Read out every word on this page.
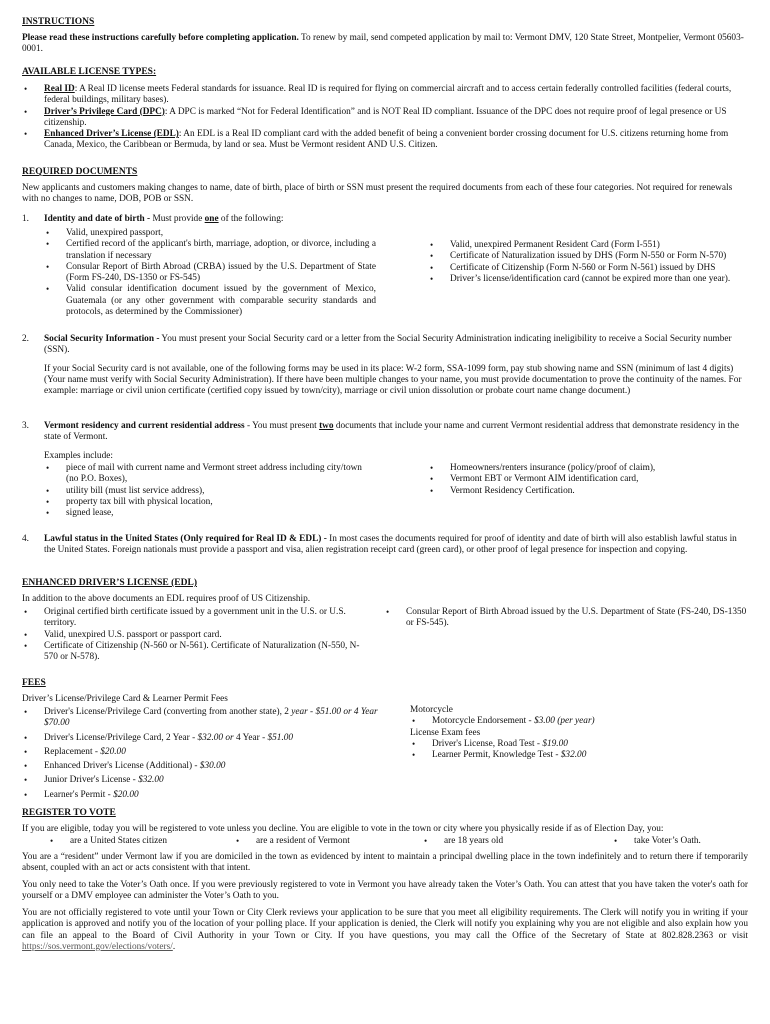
INSTRUCTIONS

Please read these instructions carefully before completing application. To renew by mail, send competed application by mail to: Vermont DMV, 120 State Street, Montpelier, Vermont 05603-0001.

AVAILABLE LICENSE TYPES:
• Real ID: A Real ID license meets Federal standards for issuance. Real ID is required for flying on commercial aircraft and to access certain federally controlled facilities (federal courts, federal buildings, military bases).
• Driver’s Privilege Card (DPC): A DPC is marked “Not for Federal Identification” and is NOT Real ID compliant. Issuance of the DPC does not require proof of legal presence or US citizenship.
• Enhanced Driver’s License (EDL): An EDL is a Real ID compliant card with the added benefit of being a convenient border crossing document for U.S. citizens returning home from Canada, Mexico, the Caribbean or Bermuda, by land or sea. Must be Vermont resident AND U.S. Citizen.
REQUIRED DOCUMENTS

New applicants and customers making changes to name, date of birth, place of birth or SSN must present the required documents from each of these four categories. Not required for renewals with no changes to name, DOB, POB or SSN.

1. Identity and date of birth - Must provide one of the following:

• Valid, unexpired passport,
• Certified record of the applicant's birth, marriage, adoption, or divorce, including a translation if necessary
• Consular Report of Birth Abroad (CRBA) issued by the U.S. Department of State (Form FS-240, DS-1350 or FS-545)
• Valid consular identification document issued by the government of Mexico, Guatemala (or any other government with comparable security standards and protocols, as determined by the Commissioner)
• Valid, unexpired Permanent Resident Card (Form I-551)
• Certificate of Naturalization issued by DHS (Form N-550 or Form N-570)
• Certificate of Citizenship (Form N-560 or Form N-561) issued by DHS
• Driver’s license/identification card (cannot be expired more than one year).
2. Social Security Information - You must present your Social Security card or a letter from the Social Security Administration indicating ineligibility to receive a Social Security number (SSN).

If your Social Security card is not available, one of the following forms may be used in its place: W-2 form, SSA-1099 form, pay stub showing name and SSN (minimum of last 4 digits) (Your name must verify with Social Security Administration). If there have been multiple changes to your name, you must provide documentation to prove the continuity of the names. For example: marriage or civil union certificate (certified copy issued by town/city), marriage or civil union dissolution or probate court name change document.)

3. Vermont residency and current residential address - You must present two documents that include your name and current Vermont residential address that demonstrate residency in the state of Vermont.

Examples include:

• piece of mail with current name and Vermont street address including city/town (no P.O. Boxes),
• utility bill (must list service address),
• property tax bill with physical location,
• signed lease,
• Homeowners/renters insurance (policy/proof of claim),
• Vermont EBT or Vermont AIM identification card,
• Vermont Residency Certification.
4. Lawful status in the United States (Only required for Real ID & EDL) - In most cases the documents required for proof of identity and date of birth will also establish lawful status in the United States. Foreign nationals must provide a passport and visa, alien registration receipt card (green card), or other proof of legal presence for inspection and copying.

ENHANCED DRIVER’S LICENSE (EDL)

In addition to the above documents an EDL requires proof of US Citizenship.

• Original certified birth certificate issued by a government unit in the U.S. or U.S. territory.
• Valid, unexpired U.S. passport or passport card.
• Certificate of Citizenship (N-560 or N-561). Certificate of Naturalization (N-550, N-570 or N-578).
• Consular Report of Birth Abroad issued by the U.S. Department of State (FS-240, DS-1350 or FS-545).
FEES

Driver’s License/Privilege Card & Learner Permit Fees

• Driver's License/Privilege Card (converting from another state), 2 year - $51.00 or 4 Year $70.00
• Driver's License/Privilege Card, 2 Year - $32.00 or 4 Year - $51.00
• Replacement - $20.00
• Enhanced Driver's License (Additional) - $30.00
• Junior Driver's License - $32.00
• Learner's Permit - $20.00

Motorcycle

• Motorcycle Endorsement - $3.00 (per year)

License Exam fees

• Driver's License, Road Test - $19.00
• Learner Permit, Knowledge Test - $32.00
REGISTER TO VOTE

If you are eligible, today you will be registered to vote unless you decline. You are eligible to vote in the town or city where you physically reside if as of Election Day, you:

• are a United States citizen	• are a resident of Vermont	• are 18 years old	• take Voter’s Oath.

You are a “resident” under Vermont law if you are domiciled in the town as evidenced by intent to maintain a principal dwelling place in the town indefinitely and to return there if temporarily absent, coupled with an act or acts consistent with that intent.

You only need to take the Voter’s Oath once. If you were previously registered to vote in Vermont you have already taken the Voter’s Oath. You can attest that you have taken the voter's oath for yourself or a DMV employee can administer the Voter’s Oath to you.

You are not officially registered to vote until your Town or City Clerk reviews your application to be sure that you meet all eligibility requirements. The Clerk will notify you in writing if your application is approved and notify you of the location of your polling place. If your application is denied, the Clerk will notify you explaining why you are not eligible and also explain how you can file an appeal to the Board of Civil Authority in your Town or City. If you have questions, you may call the Office of the Secretary of State at 802.828.2363 or visit https://sos.vermont.gov/elections/voters/.
